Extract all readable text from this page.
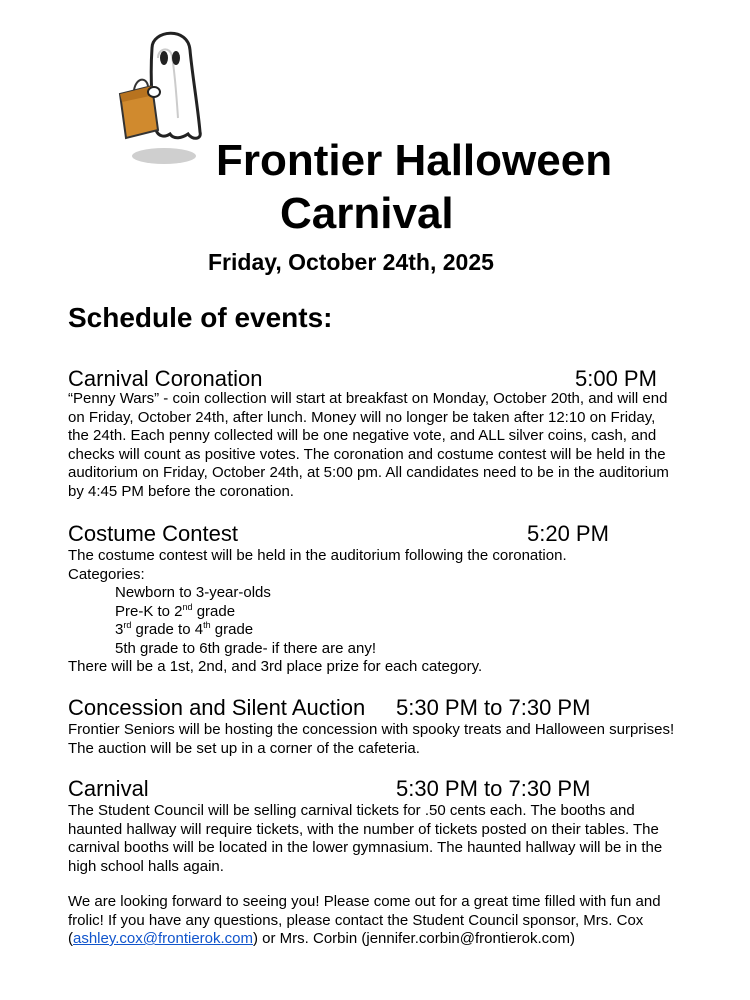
Frontier Halloween
Carnival
Friday, October 24th, 2025
Schedule of events:
Carnival Coronation	5:00 PM
“Penny Wars” - coin collection will start at breakfast on Monday, October 20th, and will end on Friday, October 24th, after lunch. Money will no longer be taken after 12:10 on Friday, the 24th. Each penny collected will be one negative vote, and ALL silver coins, cash, and checks will count as positive votes. The coronation and costume contest will be held in the auditorium on Friday, October 24th, at 5:00 pm. All candidates need to be in the auditorium by 4:45 PM before the coronation.
Costume Contest	5:20 PM
The costume contest will be held in the auditorium following the coronation.
Categories:
Newborn to 3-year-olds
Pre-K to 2nd grade
3rd grade to 4th grade
5th grade to 6th grade- if there are any!
There will be a 1st, 2nd, and 3rd place prize for each category.
Concession and Silent Auction 5:30 PM to 7:30 PM
Frontier Seniors will be hosting the concession with spooky treats and Halloween surprises! The auction will be set up in a corner of the cafeteria.
Carnival	5:30 PM to 7:30 PM
The Student Council will be selling carnival tickets for .50 cents each. The booths and haunted hallway will require tickets, with the number of tickets posted on their tables. The carnival booths will be located in the lower gymnasium. The haunted hallway will be in the high school halls again.
We are looking forward to seeing you! Please come out for a great time filled with fun and frolic! If you have any questions, please contact the Student Council sponsor, Mrs. Cox (ashley.cox@frontierok.com) or Mrs. Corbin (jennifer.corbin@frontierok.com)
